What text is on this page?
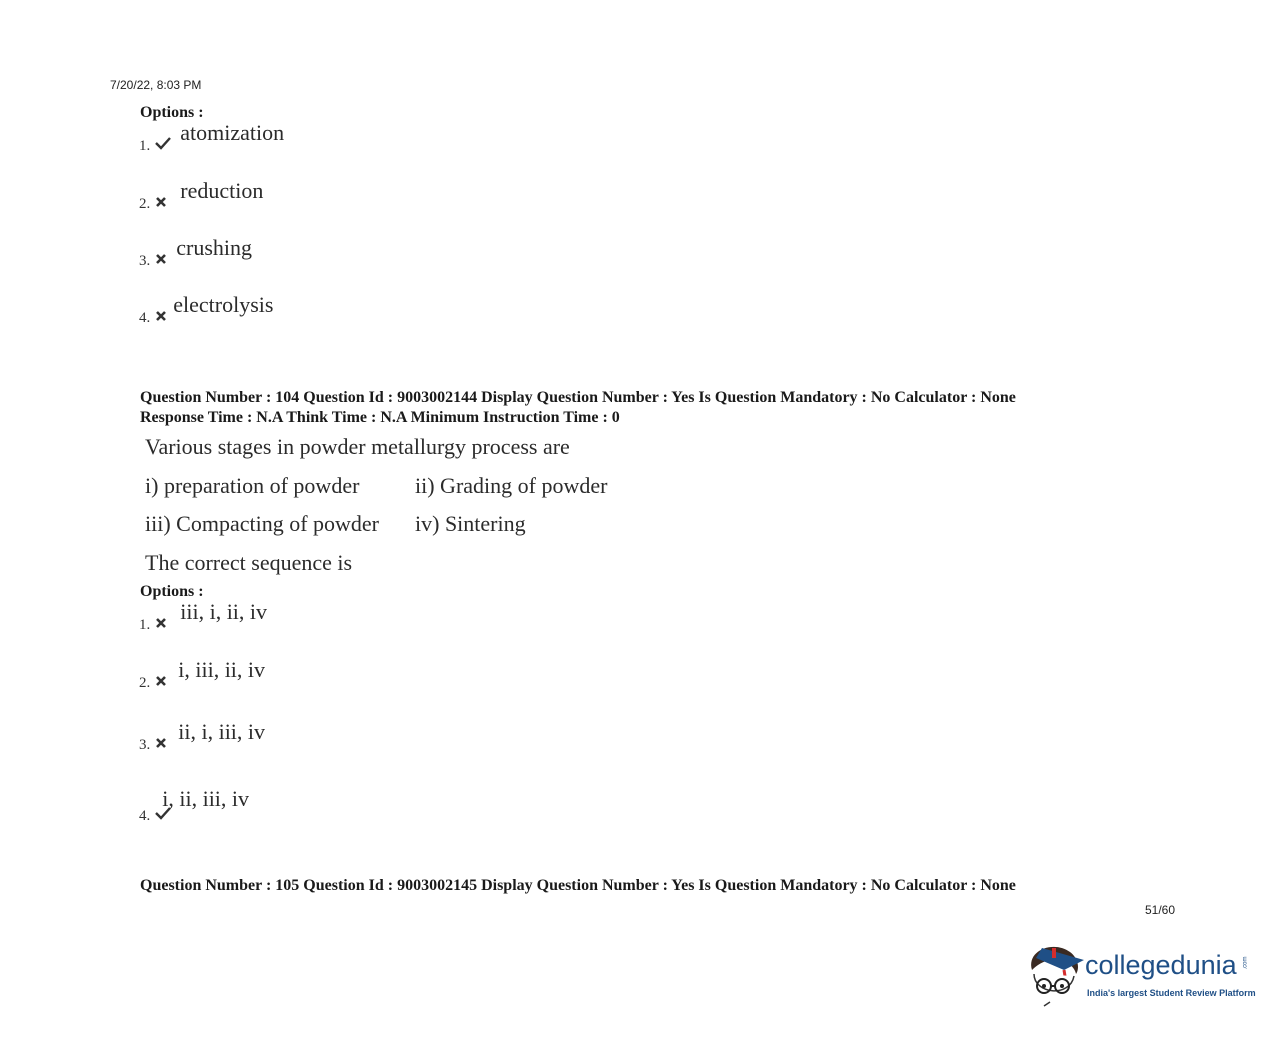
7/20/22, 8:03 PM
Options :
1.  atomization
2.  reduction
3.  crushing
4.  electrolysis
Question Number : 104 Question Id : 9003002144 Display Question Number : Yes Is Question Mandatory : No Calculator : None
Response Time : N.A Think Time : N.A Minimum Instruction Time : 0
Various stages in powder metallurgy process are
i) preparation of powder	ii) Grading of powder
iii) Compacting of powder iv) Sintering
The correct sequence is
Options :
1.  iii, i, ii, iv
2.  i, iii, ii, iv
3.  ii, i, iii, iv
4.  i, ii, iii, iv
Question Number : 105 Question Id : 9003002145 Display Question Number : Yes Is Question Mandatory : No Calculator : None
51/60
collegedunia .com
India's largest Student Review Platform
